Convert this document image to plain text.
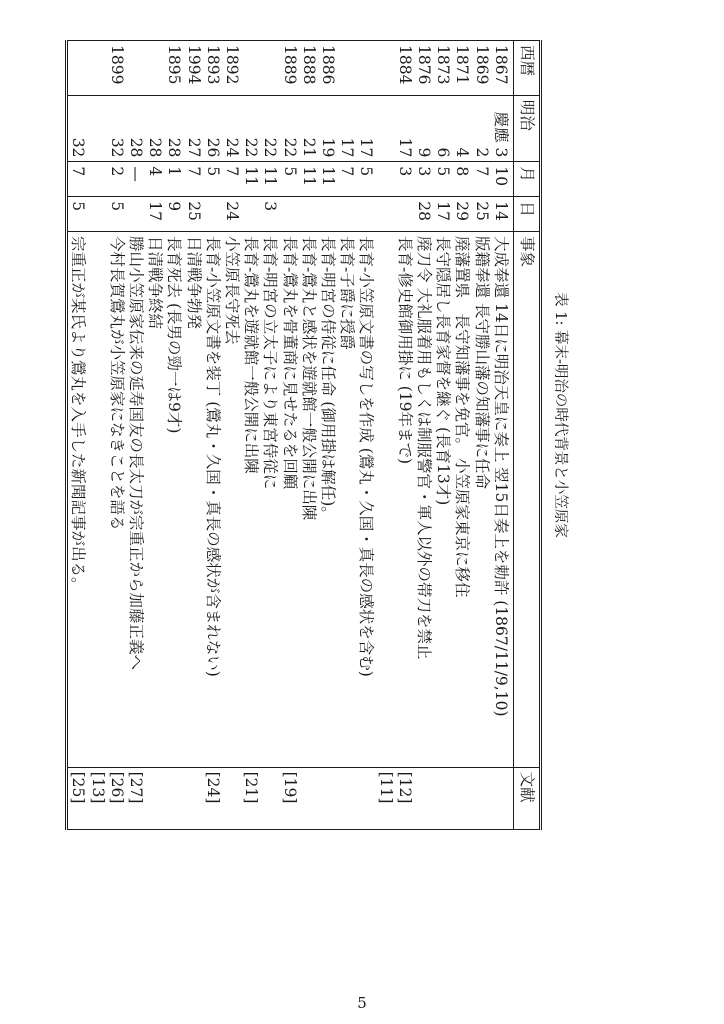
表 1: 幕末-明治の時代背景と小笠原家
西暦	明治	月	日	事象	文献
1867	慶應 3	10	14	大成奉還 14日に明治天皇に奏上 翌15日奏上を勅許 (1867/11/9,10)	
1869	2	7	25	版籍奉還 長守勝山藩の知藩事に任命	
1871	4	8	29	廃藩置県　長守知藩事を免官。 小笠原家東京に移住	
1873	6	5	17	長守隠居し長育家督を継ぐ (長育13才)	
1876	9	3	28	廃刀令 大礼服着用もしくは制服警官・軍人以外の帯刀を禁止	
1884	17	3		長育-修史館御用掛に (19年まで)	[12][11]
	17	5		長育-小笠原文書の写しを作成 (鶯丸・久国・真長の感状を含む)	
	17	7		長育-子爵に授爵	
1886	19	11		長育-明宮の侍従に任命 (御用掛は解任)。	
1888	21	11		長育-鶯丸と感状を遊就館一般公開に出陳	
1889	22	5		長育-鶯丸を骨董商に見せたるを回顧	[19]
	22	11	3	長育-明宮の立太子により東宮侍従に	
	22	11		長育-鶯丸を遊就館一般公開に出陳	[21]
1892	24	7	24	小笠原長守死去	
1893	26	5		長育-小笠原文書を装丁 (鶯丸・久国・真長の感状が含まれない)	[24]
1994	27	7	25	日清戦争勃発	
1895	28	1	9	長育死去 (長男の勁一は9才)	
	28	4	17	日清戦争終結	
	28	—		勝山小笠原家伝来の延寿国友の長太刀が宗重正から加藤正義へ	[27]
1899	32	2	5	今村長賀鶯丸が小笠原家になきことを語る	[26][13]
	32	7	5	宗重正が某氏より鶯丸を入手した新聞記事が出る。	[25]
5
